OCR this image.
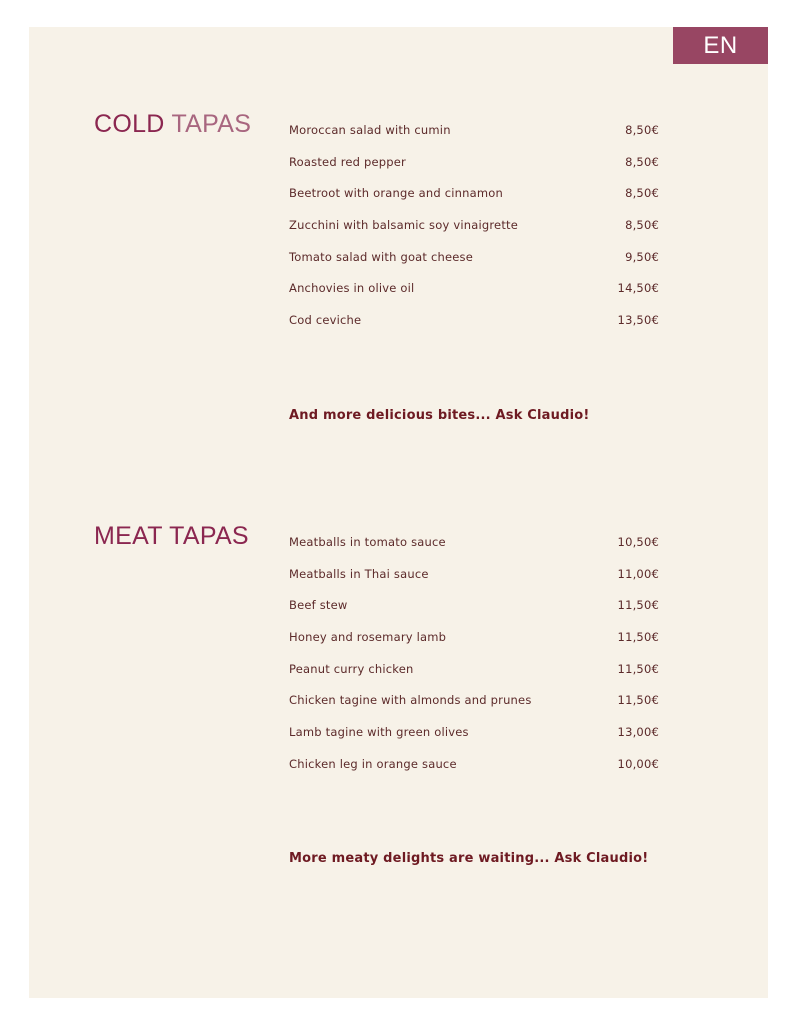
EN
COLD TAPAS	Moroccan salad with cumin	8,50€
Roasted red pepper	8,50€
Beetroot with orange and cinnamon	8,50€
Zucchini with balsamic soy vinaigrette	8,50€
Tomato salad with goat cheese	9,50€
Anchovies in olive oil	14,50€
Cod ceviche	13,50€
And more delicious bites... Ask Claudio!
MEAT TAPAS	Meatballs in tomato sauce	10,50€
Meatballs in Thai sauce	11,00€
Beef stew	11,50€
Honey and rosemary lamb	11,50€
Peanut curry chicken	11,50€
Chicken tagine with almonds and prunes	11,50€
Lamb tagine with green olives	13,00€
Chicken leg in orange sauce	10,00€
More meaty delights are waiting... Ask Claudio!
